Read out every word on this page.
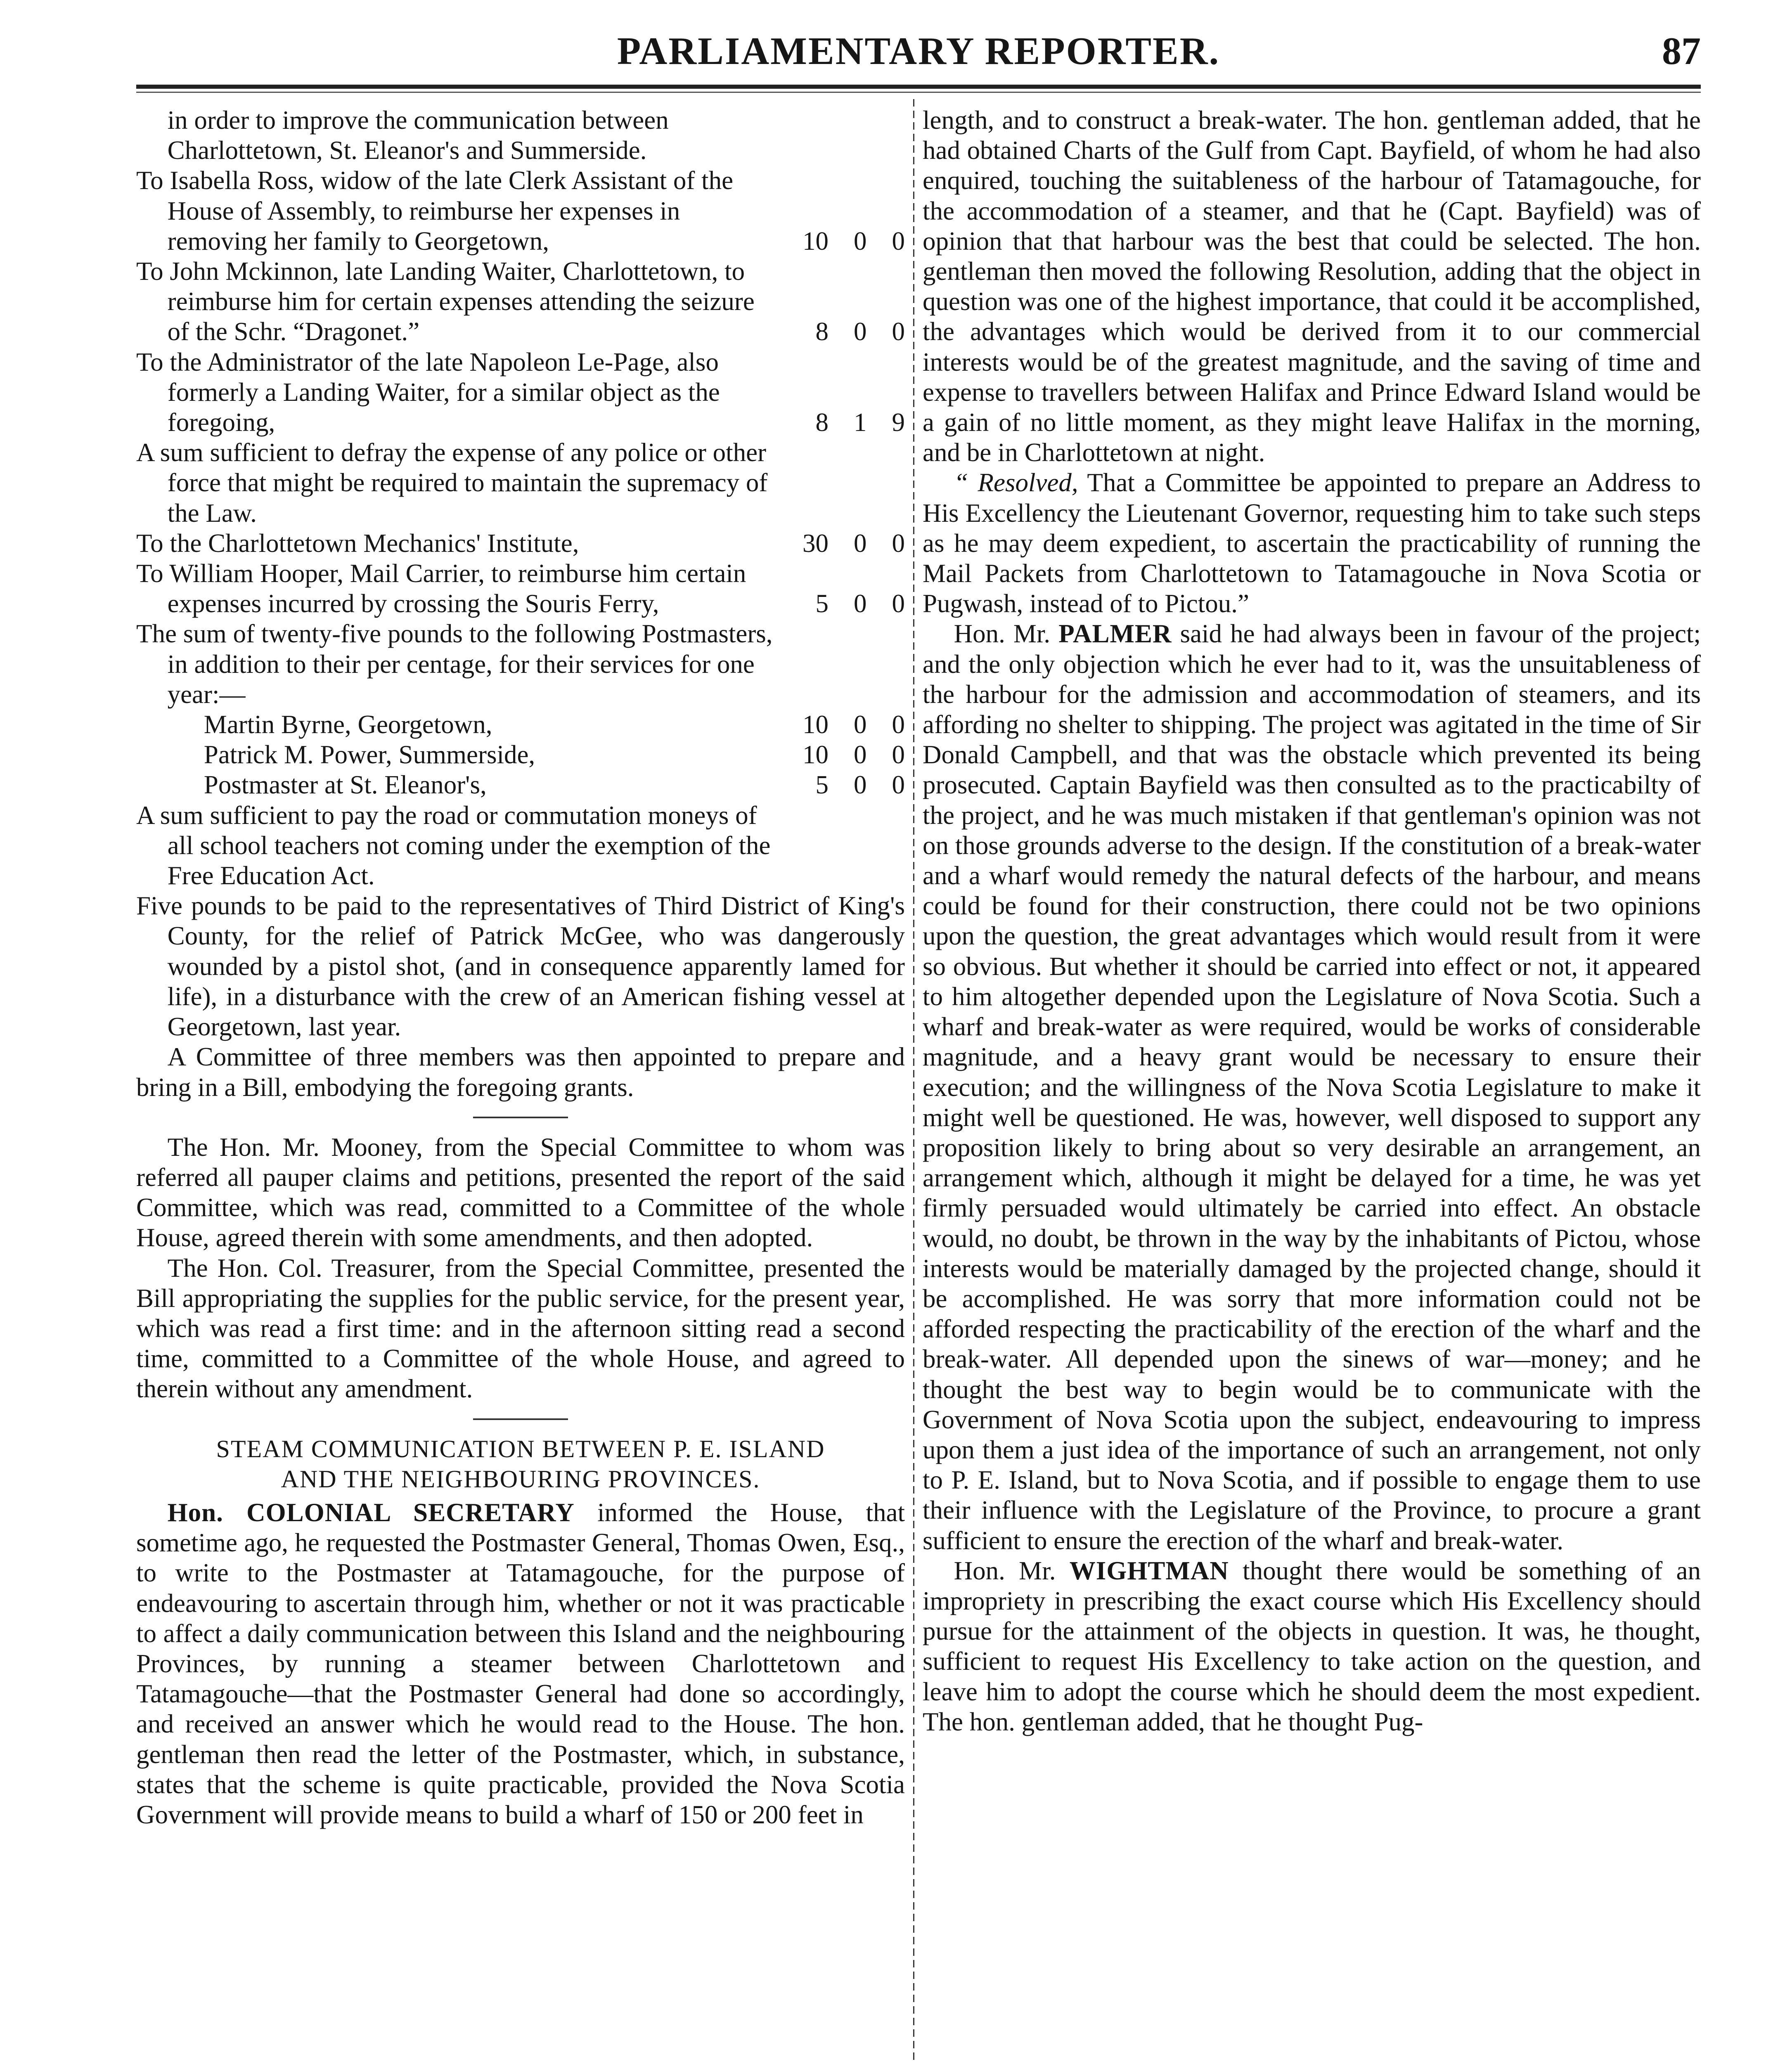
PARLIAMENTARY REPORTER.	87
in order to improve the communication between Charlottetown, St. Eleanor's and Summerside.
To Isabella Ross, widow of the late Clerk Assistant of the House of Assembly, to reimburse her expenses in removing her family to Georgetown,	10 0 0
To John Mckinnon, late Landing Waiter, Charlottetown, to reimburse him for certain expenses attending the seizure of the Schr. “Dragonet.”	8 0 0
To the Administrator of the late Napoleon Le-Page, also formerly a Landing Waiter, for a similar object as the foregoing,	8 1 9
A sum sufficient to defray the expense of any police or other force that might be required to maintain the supremacy of the Law.
To the Charlottetown Mechanics' Institute,	30 0 0
To William Hooper, Mail Carrier, to reimburse him certain expenses incurred by crossing the Souris Ferry,	5 0 0
The sum of twenty-five pounds to the following Postmasters, in addition to their per centage, for their services for one year:—
Martin Byrne, Georgetown,	10 0 0
Patrick M. Power, Summerside,	10 0 0
Postmaster at St. Eleanor's,	5 0 0
A sum sufficient to pay the road or commutation moneys of all school teachers not coming under the exemption of the Free Education Act.

Five pounds to be paid to the representatives of Third District of King's County, for the relief of Patrick McGee, who was dangerously wounded by a pistol shot, (and in consequence apparently lamed for life), in a disturbance with the crew of an American fishing vessel at Georgetown, last year.

A Committee of three members was then appointed to prepare and bring in a Bill, embodying the foregoing grants.

The Hon. Mr. Mooney, from the Special Committee to whom was referred all pauper claims and petitions, presented the report of the said Committee, which was read, committed to a Committee of the whole House, agreed therein with some amendments, and then adopted.

The Hon. Col. Treasurer, from the Special Committee, presented the Bill appropriating the supplies for the public service, for the present year, which was read a first time: and in the afternoon sitting read a second time, committed to a Committee of the whole House, and agreed to therein without any amendment.

STEAM COMMUNICATION BETWEEN P. E. ISLAND
AND THE NEIGHBOURING PROVINCES.

Hon. COLONIAL SECRETARY informed the House, that sometime ago, he requested the Postmaster General, Thomas Owen, Esq., to write to the Postmaster at Tatamagouche, for the purpose of endeavouring to ascertain through him, whether or not it was practicable to affect a daily communication between this Island and the neighbouring Provinces, by running a steamer between Charlottetown and Tatamagouche—that the Postmaster General had done so accordingly, and received an answer which he would read to the House. The hon. gentleman then read the letter of the Postmaster, which, in substance, states that the scheme is quite practicable, provided the Nova Scotia Government will provide means to build a wharf of 150 or 200 feet in

length, and to construct a break-water. The hon. gentleman added, that he had obtained Charts of the Gulf from Capt. Bayfield, of whom he had also enquired, touching the suitableness of the harbour of Tatamagouche, for the accommodation of a steamer, and that he (Capt. Bayfield) was of opinion that that harbour was the best that could be selected. The hon. gentleman then moved the following Resolution, adding that the object in question was one of the highest importance, that could it be accomplished, the advantages which would be derived from it to our commercial interests would be of the greatest magnitude, and the saving of time and expense to travellers between Halifax and Prince Edward Island would be a gain of no little moment, as they might leave Halifax in the morning, and be in Charlottetown at night.

“ Resolved, That a Committee be appointed to prepare an Address to His Excellency the Lieutenant Governor, requesting him to take such steps as he may deem expedient, to ascertain the practicability of running the Mail Packets from Charlottetown to Tatamagouche in Nova Scotia or Pugwash, instead of to Pictou.”

Hon. Mr. PALMER said he had always been in favour of the project; and the only objection which he ever had to it, was the unsuitableness of the harbour for the admission and accommodation of steamers, and its affording no shelter to shipping. The project was agitated in the time of Sir Donald Campbell, and that was the obstacle which prevented its being prosecuted. Captain Bayfield was then consulted as to the practicabilty of the project, and he was much mistaken if that gentleman's opinion was not on those grounds adverse to the design. If the constitution of a break-water and a wharf would remedy the natural defects of the harbour, and means could be found for their construction, there could not be two opinions upon the question, the great advantages which would result from it were so obvious. But whether it should be carried into effect or not, it appeared to him altogether depended upon the Legislature of Nova Scotia. Such a wharf and break-water as were required, would be works of considerable magnitude, and a heavy grant would be necessary to ensure their execution; and the willingness of the Nova Scotia Legislature to make it might well be questioned. He was, however, well disposed to support any proposition likely to bring about so very desirable an arrangement, an arrangement which, although it might be delayed for a time, he was yet firmly persuaded would ultimately be carried into effect. An obstacle would, no doubt, be thrown in the way by the inhabitants of Pictou, whose interests would be materially damaged by the projected change, should it be accomplished. He was sorry that more information could not be afforded respecting the practicability of the erection of the wharf and the break-water. All depended upon the sinews of war—money; and he thought the best way to begin would be to communicate with the Government of Nova Scotia upon the subject, endeavouring to impress upon them a just idea of the importance of such an arrangement, not only to P. E. Island, but to Nova Scotia, and if possible to engage them to use their influence with the Legislature of the Province, to procure a grant sufficient to ensure the erection of the wharf and break-water.

Hon. Mr. WIGHTMAN thought there would be something of an impropriety in prescribing the exact course which His Excellency should pursue for the attainment of the objects in question. It was, he thought, sufficient to request His Excellency to take action on the question, and leave him to adopt the course which he should deem the most expedient. The hon. gentleman added, that he thought Pug-
